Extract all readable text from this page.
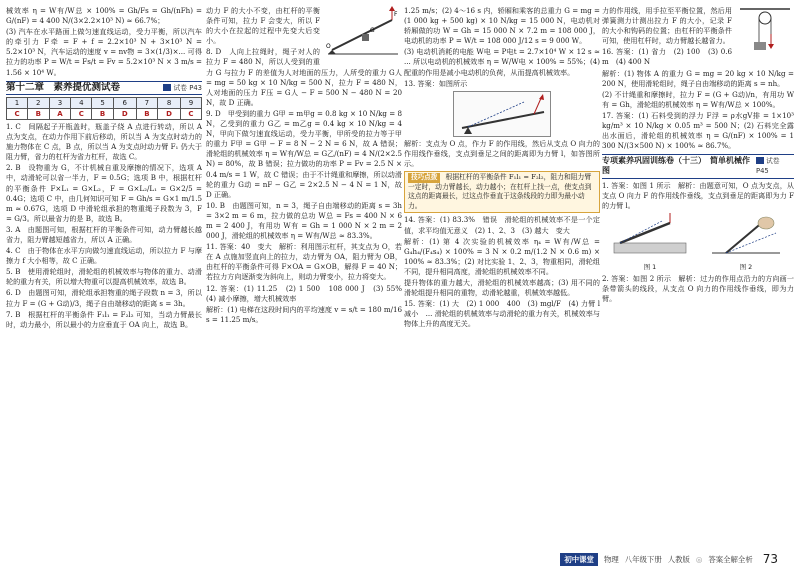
械效率 η = W有/W总 × 100% = Gh/Fs = Gh/(nFh) = G/(nF) = 4 400 N/(3×2.2×10³ N) ≈ 66.7%；

(3) 汽车在水平路面上做匀速直线运动，受力平衡，所以汽车的牵引力 F牵 = F + f = 2.2×10³ N + 3×10³ N = 5.2×10³ N，汽车运动的速度 v = nv物 = 3×(1/3)×... 可得拉力的功率 P = W/t = Fs/t = Fv = 5.2×10³ N × 3 m/s = 1.56 × 10⁴ W。

第十二章　素养提优测试卷	试卷 P43
1	2	3	4	5	6	7	8	9
C	B	A	C	B	D	B	D	C

1. C　间隔起子开瓶盖时，瓶盖子绕 A 点进行转动，所以 A 点为支点，在动力作用下前后移动，所以当 A 为支点时动力的施力物体在 C 点，B 点，所以当 A 为支点时动力臂 F₁ 仍大于阻力臂，省力的杠杆为省力杠杆，故选 C。

2. B　设物重为 G，不计机械自重及摩擦的情况下，选项 A 中，动滑轮可以省一半力，F = 0.5G；选项 B 中，根据杠杆的平衡条件 F×L₁ = G×L₂，F = G×L₂/L₁ = G×2/5 = 0.4G；选项 C 中，由几何知识可知 F = Gh/s = G×1 m/1.5 m ≈ 0.67G，选项 D 中滑轮组承担的物重绳子段数为 3，F = G/3。所以最省力的是 B，故选 B。

3. A　由题图可知，根据杠杆的平衡条件可知，动力臂越长越省力，阻力臂越短越省力，所以 A 正确。

4. C　由于物体在水平方向做匀速直线运动，所以拉力 F 与摩擦力 f 大小相等，故 C 正确。

5. B　使用滑轮组时，滑轮组的机械效率与物体的重力、动滑轮的重力有关，所以增大物重可以提高机械效率，故选 B。

6. D　由题图可知，滑轮组承担物重的绳子段数 n = 3，所以拉力 F = (G + G动)/3，绳子自由端移动的距离 s = 3h。

7. B　根据杠杆的平衡条件 F₁l₁ = F₂l₂ 可知，当动力臂最长时，动力最小，所以最小的力应垂直于 OA 向上，故选 B。

O
F
G

动力 F 的大小不变，由杠杆的平衡条件可知，拉力 F 会变大，所以 F 的大小在拉起的过程中先变大后变小。

8. D　人向上拉绳时，绳子对人的拉力 F = 480 N，所以人受到的重力 G 与拉力 F 的差值为人对地面的压力，人所受的重力 G人 = mg = 50 kg × 10 N/kg = 500 N，拉力 F = 480 N，人对地面的压力 F压 = G人 − F = 500 N − 480 N = 20 N，故 D 正确。

9. D　甲受到的重力 G甲 = m甲g = 0.8 kg × 10 N/kg = 8 N，乙受到的重力 G乙 = m乙g = 0.4 kg × 10 N/kg = 4 N，甲向下做匀速直线运动，受力平衡，甲所受的拉力等于甲的重力 F甲 = G甲 − F = 8 N − 2 N = 6 N，故 A 错误；滑轮组的机械效率 η = W有/W总 = G乙/(nF) = 4 N/(2×2.5 N) = 80%，故 B 错误；拉力做功的功率 P = Fv = 2.5 N × 0.4 m/s = 1 W，故 C 错误；由于不计绳重和摩擦，所以动滑轮的重力 G动 = nF − G乙 = 2×2.5 N − 4 N = 1 N，故 D 正确。

10. B　由题图可知，n = 3，绳子自由端移动的距离 s = 3h = 3×2 m = 6 m，拉力做的总功 W总 = Fs = 400 N × 6 m = 2 400 J，有用功 W有 = Gh = 1 000 N × 2 m = 2 000 J，滑轮组的机械效率 η = W有/W总 ≈ 83.3%。

11. 答案：40　变大　解析：利用图示杠杆，其支点为 O，若在 A 点施加竖直向上的拉力，动力臂为 OA，阻力臂为 OB，由杠杆的平衡条件可得 F×OA = G×OB，解得 F = 40 N；若拉力方向逐渐变为斜向上，则动力臂变小，拉力将变大。

12. 答案：(1) 11.25　(2) 1 500　108 000 J　(3) 55%　(4) 减小摩擦，增大机械效率

解析：(1) 电梯在这段时间内的平均速度 v = s/t = 180 m/16 s = 11.25 m/s。

1.25 m/s；(2) 4～16 s 内，轿厢和乘客的总重力 G = mg = (1 000 kg + 500 kg) × 10 N/kg = 15 000 N，电动机对轿厢做的功 W = Gh = 15 000 N × 7.2 m = 108 000 J，电动机的功率 P = W/t = 108 000 J/12 s = 9 000 W。

(3) 电动机消耗的电能 W电 = P电t = 2.7×10⁴ W × 12 s ≈ ... 所以电动机的机械效率 η = W/W电 × 100% = 55%；(4) 配重的作用是减小电动机的负荷，从而提高机械效率。

13. 答案：如图所示

解析：支点为 O 点，作力 F 的作用线，然后从支点 O 向力的作用线作垂线，支点到垂足之间的距离即为力臂 l，如答图所示。

技巧点拨 根据杠杆的平衡条件 F₁l₁ = F₂l₂，阻力和阻力臂一定时，动力臂越长，动力越小；在杠杆上找一点，使支点到这点的距离最长，过这点作垂直于这条线段的力即为最小动力。

14. 答案：(1) 83.3%　错误　滑轮组的机械效率不是一个定值，求平均值无意义　(2) 1、2、3　(3) 越大　变大

解析：(1) 第 4 次实验的机械效率 η₄ = W有/W总 = G₄h₄/(F₄s₄) × 100% = 3 N × 0.2 m/(1.2 N × 0.6 m) × 100% ≈ 83.3%；(2) 对比实验 1、2、3，物重相同，滑轮组不同，提升相同高度，滑轮组的机械效率不同。

提升物体的重力越大，滑轮组的机械效率越高；(3) 用不同的滑轮组提升相同的重物，动滑轮越重，机械效率越低。

15. 答案：(1) 大　(2) 1 000　400　(3) mgl/F　(4) 力臂 l 减小　... 滑轮组的机械效率与动滑轮的重力有关，机械效率与物体上升的高度无关。

力的作用线，用手拉至平衡位置，然后用弹簧测力计测出拉力 F 的大小，记录 F 的大小和钩码的位置；由杠杆的平衡条件可知，使用杠杆时，动力臂越长越省力。

16. 答案：(1) 省力　(2) 100　(3) 0.6 m　(4) 400 N

解析：(1) 物体 A 的重力 G = mg = 20 kg × 10 N/kg = 200 N，使用滑轮组时，绳子自由端移动的距离 s = nh。

(2) 不计绳重和摩擦时，拉力 F = (G + G动)/n，有用功 W有 = Gh，滑轮组的机械效率 η = W有/W总 × 100%。

17. 答案：(1) 石料受到的浮力 F浮 = ρ水gV排 = 1×10³ kg/m³ × 10 N/kg × 0.05 m³ = 500 N；(2) 石料完全露出水面后，滑轮组的机械效率 η = G/(nF) × 100% = 1 300 N/(3×500 N) × 100% ≈ 86.7%。

专项素养巩固训练卷（十三）　简单机械作图
试卷 P45

1. 答案：如图 1 所示　解析：由题意可知，O 点为支点，从支点 O 向力 F 的作用线作垂线，支点到垂足的距离即为力 F 的力臂 l。

图 1	图 2

2. 答案：如图 2 所示　解析：过力的作用点沿力的方向画一条带箭头的线段，从支点 O 向力的作用线作垂线，即为力臂。

初中课堂	物理 八年级下册 人教版 ◎ 答案全解全析 73
